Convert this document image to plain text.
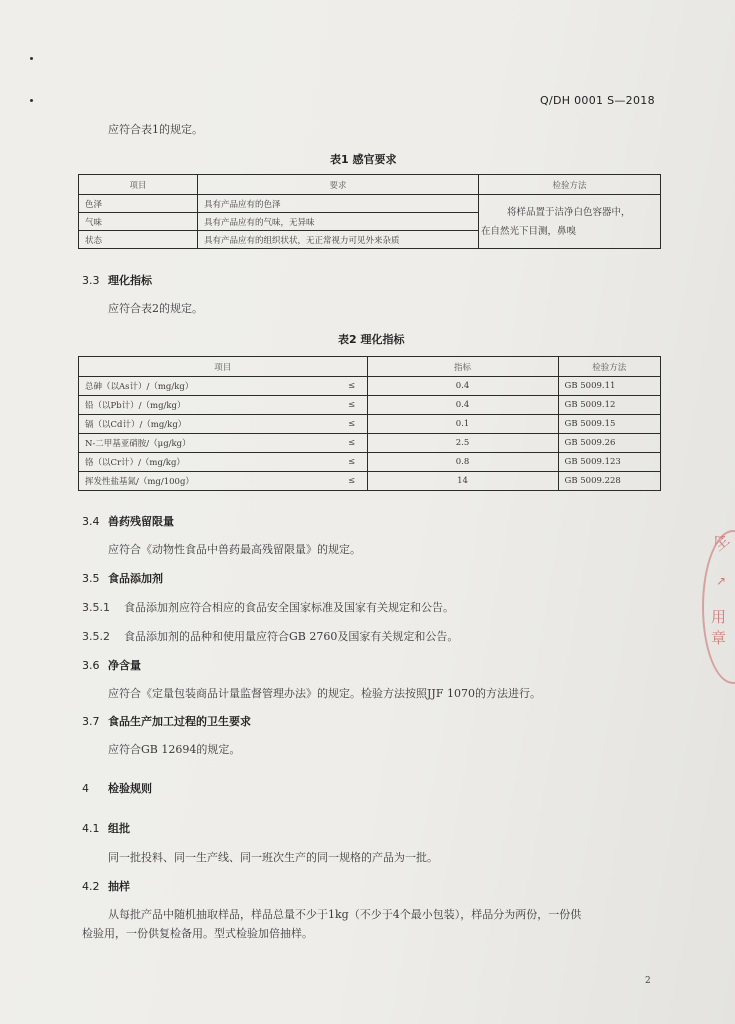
Q/DH 0001 S—2018
应符合表1的规定。
表1 感官要求
项目	要求	检验方法
色泽	具有产品应有的色泽	将样品置于洁净白色容器中，
在自然光下目测，鼻嗅

气味	具有产品应有的气味，无异味	
状态	具有产品应有的组织状状，无正常视力可见外来杂质	
3.3 理化指标
应符合表2的规定。
表2 理化指标
项目		指标	检验方法
总砷（以As计）/（mg/kg）	≤	0.4	GB 5009.11
铅（以Pb计）/（mg/kg）	≤	0.4	GB 5009.12
镉（以Cd计）/（mg/kg）	≤	0.1	GB 5009.15
N-二甲基亚硝胺/（μg/kg）	≤	2.5	GB 5009.26
铬（以Cr计）/（mg/kg）	≤	0.8	GB 5009.123
挥发性盐基氮/（mg/100g）	≤	14	GB 5009.228
3.4 兽药残留限量
应符合《动物性食品中兽药最高残留限量》的规定。
3.5 食品添加剂
3.5.1 食品添加剂应符合相应的食品安全国家标准及国家有关规定和公告。
3.5.2 食品添加剂的品种和使用量应符合GB 2760及国家有关规定和公告。
3.6 净含量
应符合《定量包装商品计量监督管理办法》的规定。检验方法按照JJF 1070的方法进行。
3.7 食品生产加工过程的卫生要求
应符合GB 12694的规定。
4 检验规则
4.1 组批
同一批投料、同一生产线、同一班次生产的同一规格的产品为一批。
4.2 抽样
从每批产品中随机抽取样品，样品总量不少于1kg（不少于4个最小包装），样品分为两份，一份供
检验用，一份供复检备用。型式检验加倍抽样。
2
全
↗
用章
